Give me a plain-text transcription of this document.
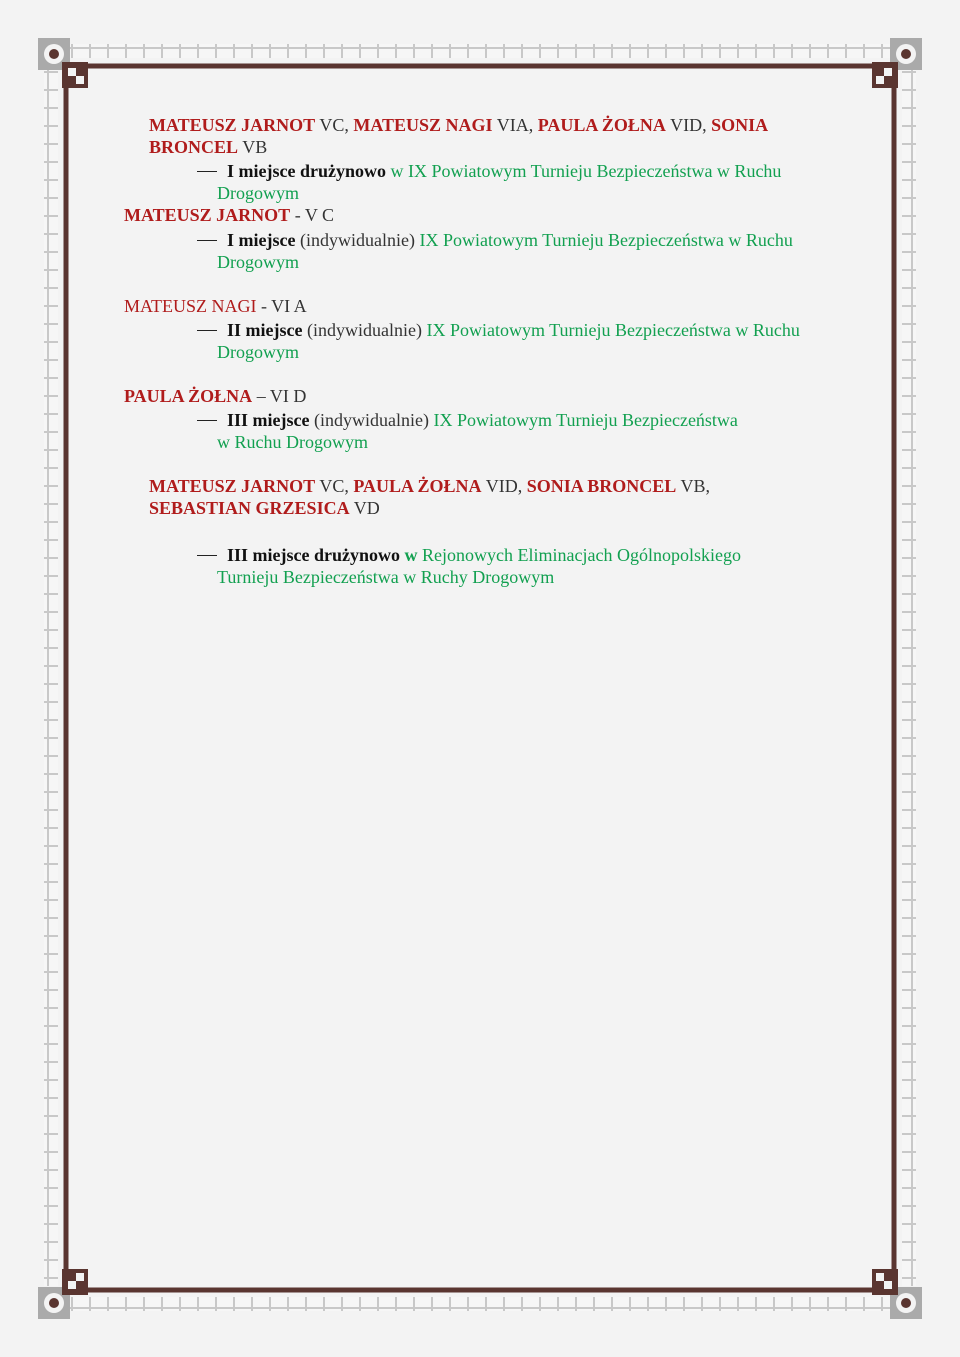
MATEUSZ JARNOT VC, MATEUSZ NAGI VIA, PAULA ŻOŁNA VID, SONIA
BRONCEL VB
I miejsce drużynowo w IX Powiatowym Turnieju Bezpieczeństwa w Ruchu
Drogowym
MATEUSZ JARNOT - V C
I miejsce (indywidualnie) IX Powiatowym Turnieju Bezpieczeństwa w Ruchu
Drogowym
MATEUSZ NAGI - VI A
II miejsce (indywidualnie) IX Powiatowym Turnieju Bezpieczeństwa w Ruchu
Drogowym
PAULA ŻOŁNA – VI D
III miejsce (indywidualnie) IX Powiatowym Turnieju Bezpieczeństwa
w Ruchu Drogowym
MATEUSZ JARNOT VC, PAULA ŻOŁNA VID, SONIA BRONCEL VB,
SEBASTIAN GRZESICA VD
III miejsce drużynowo w Rejonowych Eliminacjach Ogólnopolskiego
Turnieju Bezpieczeństwa w Ruchy Drogowym
